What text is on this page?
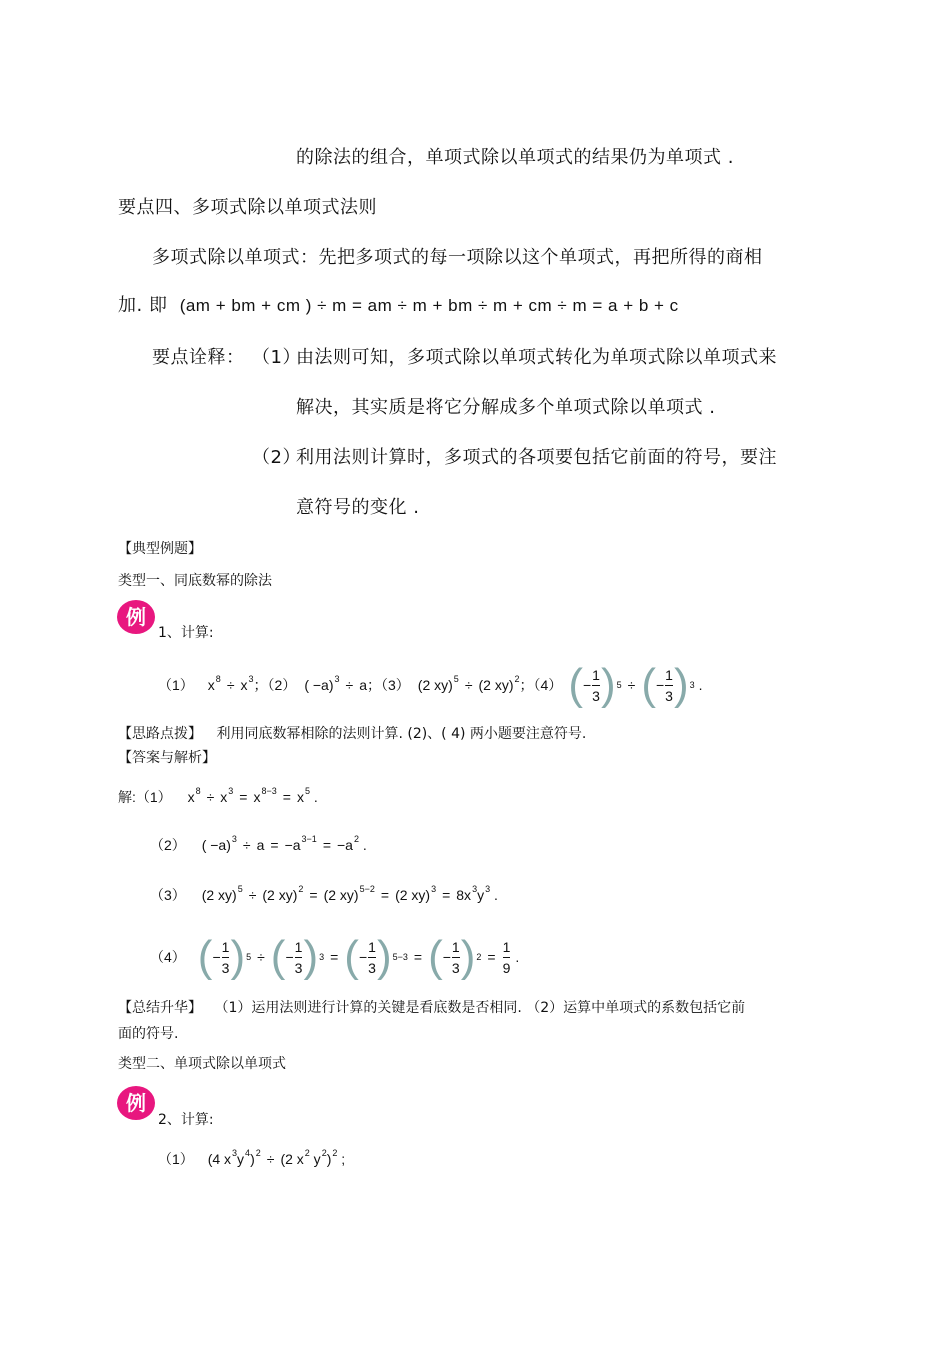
的除法的组合，单项式除以单项式的结果仍为单项式 .
要点四、多项式除以单项式法则
多项式除以单项式：先把多项式的每一项除以这个单项式，再把所得的商相
加. 即 (am + bm + cm ) ÷ m = am ÷ m + bm ÷ m + cm ÷ m = a + b + c
要点诠释： （1）
由法则可知，多项式除以单项式转化为单项式除以单项式来
解决，其实质是将它分解成多个单项式除以单项式 .
（2）
利用法则计算时，多项式的各项要包括它前面的符号，要注
意符号的变化 .
【典型例题】
类型一、同底数幂的除法
例
1、计算:
（1） $x^8 \div x^3$ ；（2） ( −a)$^3$ ÷ a ；（3） (2 xy)$^5$ ÷ (2 xy)$^2$ ；（4） ( − $\frac{1}{3}$ ) 5 ÷ ( − $\frac{1}{3}$ ) 3 .
【思路点拨】 利用同底数幂相除的法则计算. (2)、( 4) 两小题要注意符号.
【答案与解析】
解:（1） $x^8 \div x^3 = x^{8-3} = x^5$ .
（2） ( $-a)^3 \div a = -a^{3-1} = -a^2$ .
（3） (2 xy)$^5$ ÷ (2 xy)$^2$ = (2 xy)$^{5-2}$ = (2 $xy)^3 = 8x^3y^3$ .
（4） ( − $\frac{1}{3}$ ) 5 ÷ ( − $\frac{1}{3}$ ) 3 = ( − $\frac{1}{3}$ ) 5−3 = ( − $\frac{1}{3}$ ) $2 = \frac{1}{9}$ .
【总结升华】 （1）运用法则进行计算的关键是看底数是否相同. （2）运算中单项式的系数包括它前
面的符号.
类型二、单项式除以单项式
例
2、计算:
（1） (4 $x^3y^4)^2 \div (2$ $x^2$ $y^2)^2$ ;
